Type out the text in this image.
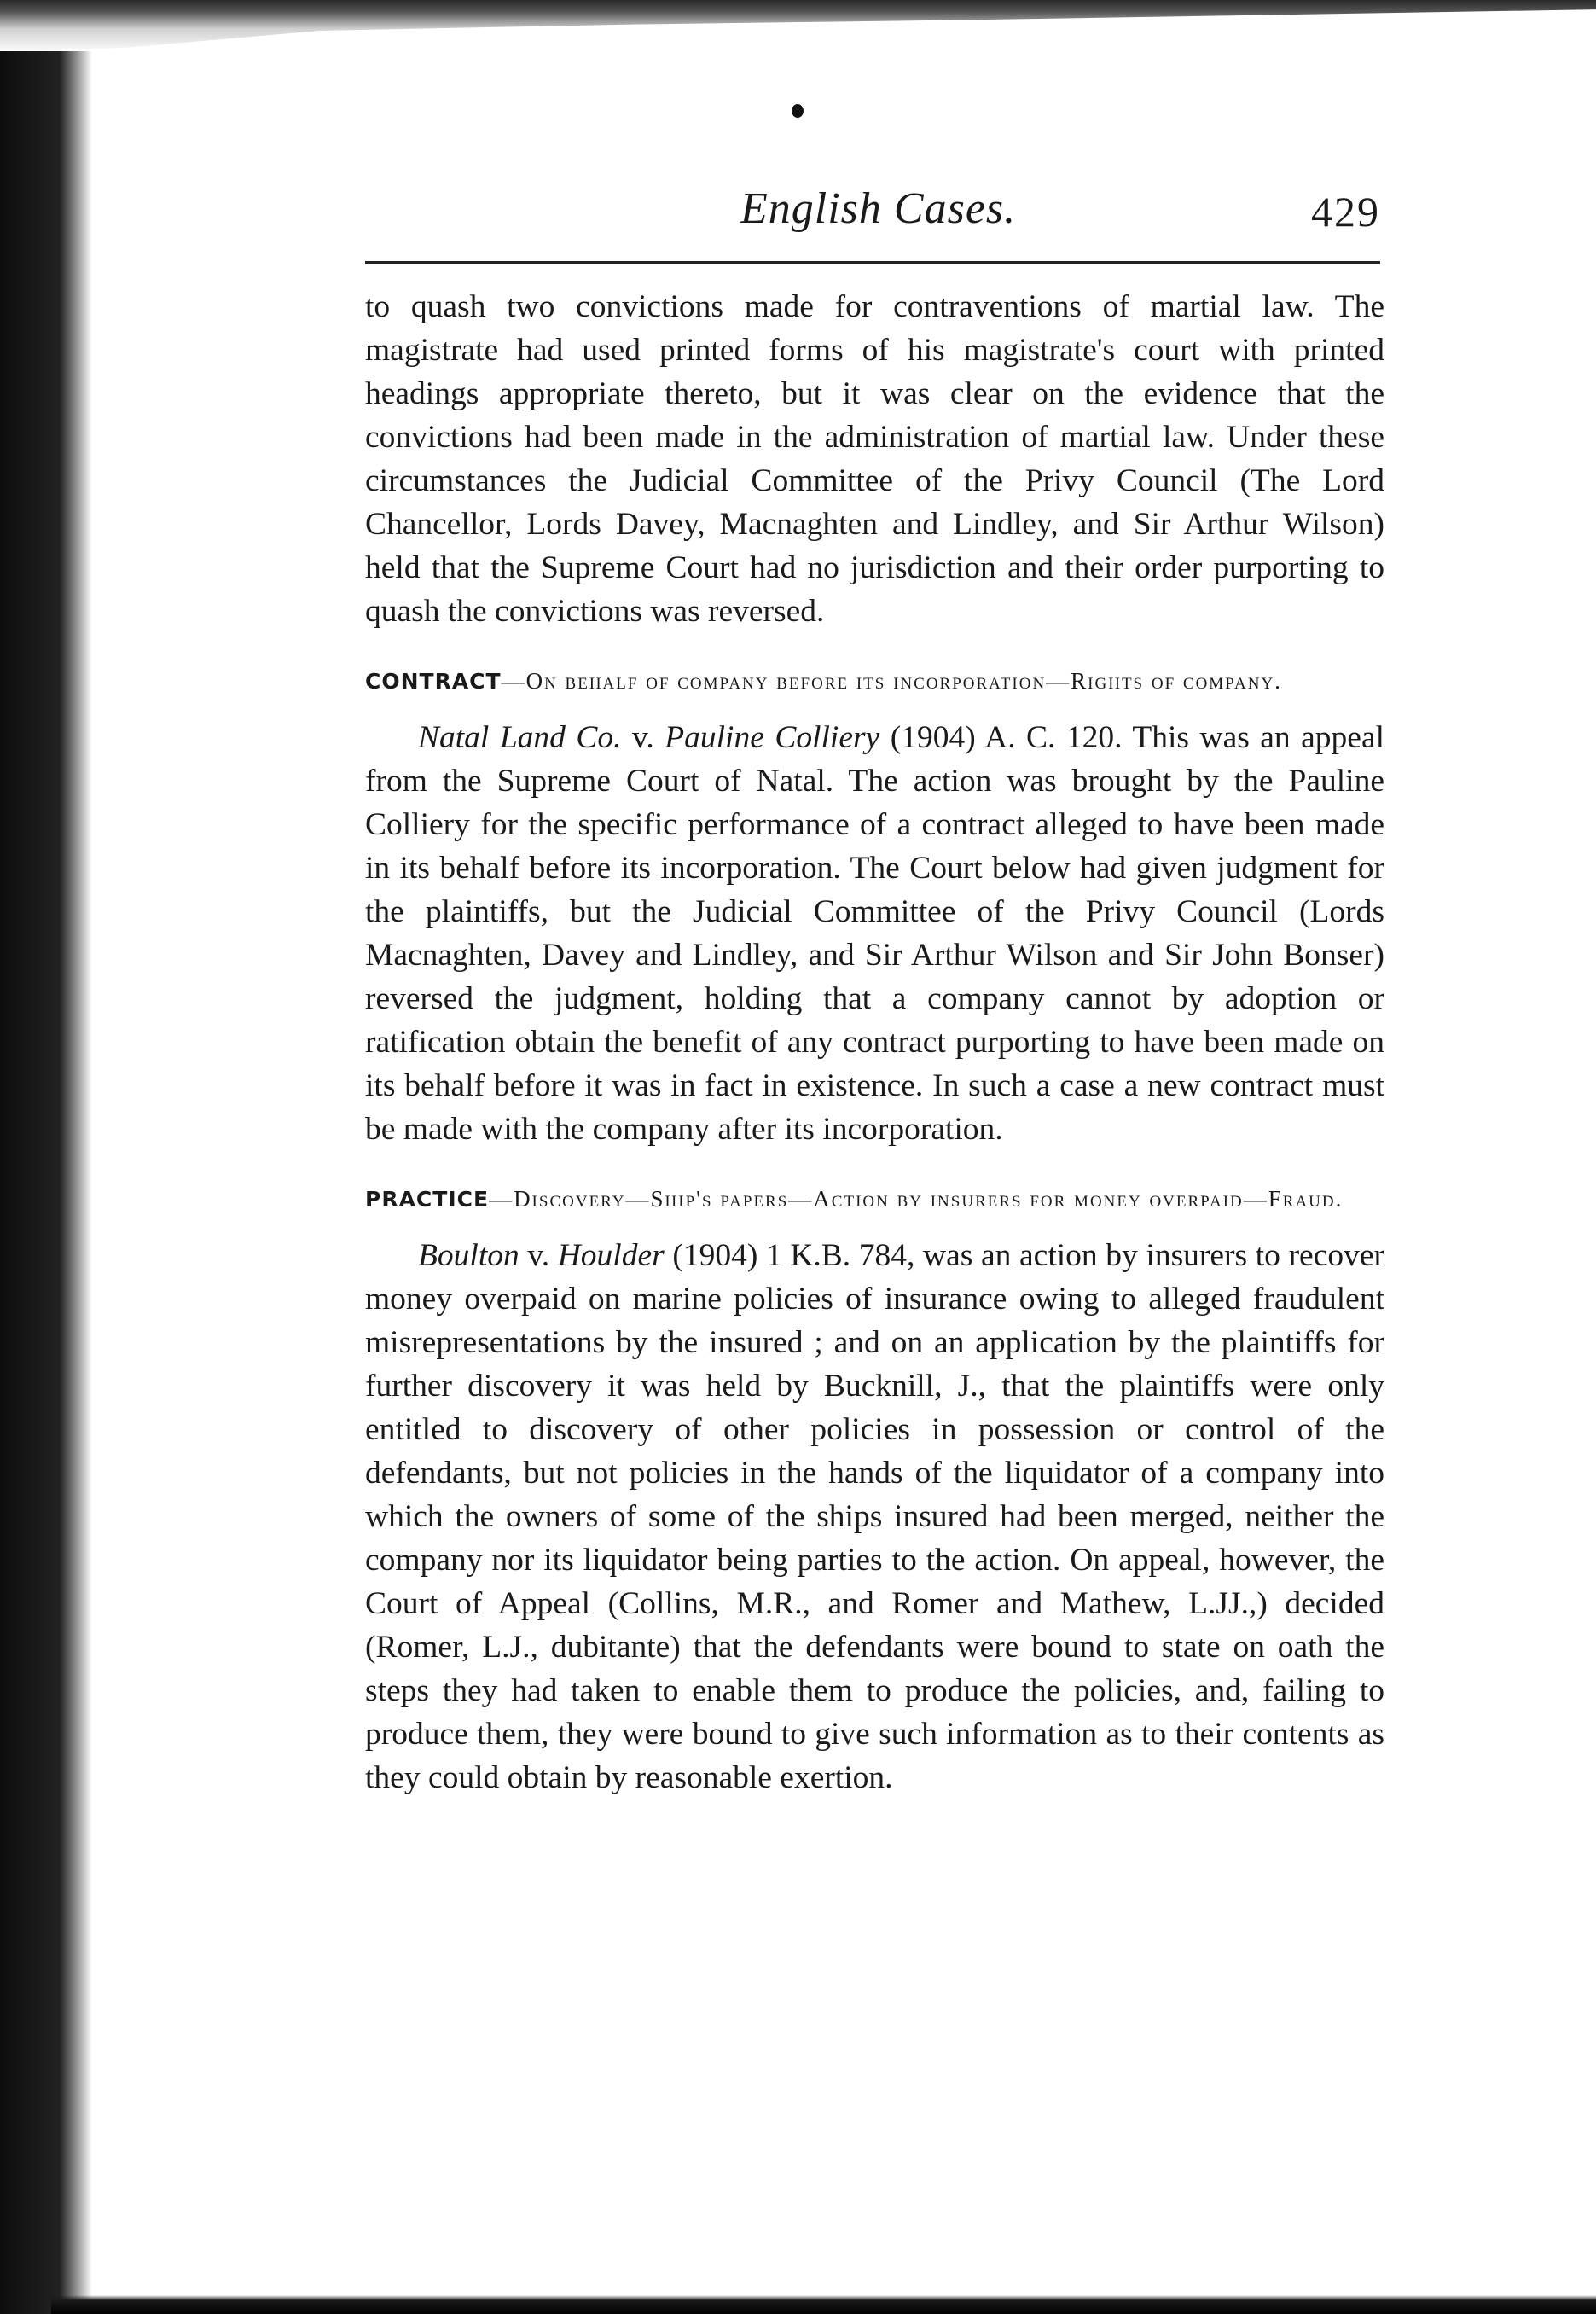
English Cases.	429

to quash two convictions made for contraventions of martial law. The magistrate had used printed forms of his magistrate's court with printed headings appropriate thereto, but it was clear on the evidence that the convictions had been made in the administration of martial law. Under these circumstances the Judicial Committee of the Privy Council (The Lord Chancellor, Lords Davey, Macnaghten and Lindley, and Sir Arthur Wilson) held that the Supreme Court had no jurisdiction and their order purporting to quash the convictions was reversed.

CONTRACT—On behalf of company before its incorporation—Rights of company.

Natal Land Co. v. Pauline Colliery (1904) A. C. 120. This was an appeal from the Supreme Court of Natal. The action was brought by the Pauline Colliery for the specific performance of a contract alleged to have been made in its behalf before its incorporation. The Court below had given judgment for the plaintiffs, but the Judicial Committee of the Privy Council (Lords Macnaghten, Davey and Lindley, and Sir Arthur Wilson and Sir John Bonser) reversed the judgment, holding that a company cannot by adoption or ratification obtain the benefit of any contract purporting to have been made on its behalf before it was in fact in existence. In such a case a new contract must be made with the company after its incorporation.

PRACTICE—Discovery—Ship's papers—Action by insurers for money overpaid—Fraud.

Boulton v. Houlder (1904) 1 K.B. 784, was an action by insurers to recover money overpaid on marine policies of insurance owing to alleged fraudulent misrepresentations by the insured ; and on an application by the plaintiffs for further discovery it was held by Bucknill, J., that the plaintiffs were only entitled to discovery of other policies in possession or control of the defendants, but not policies in the hands of the liquidator of a company into which the owners of some of the ships insured had been merged, neither the company nor its liquidator being parties to the action. On appeal, however, the Court of Appeal (Collins, M.R., and Romer and Mathew, L.JJ.,) decided (Romer, L.J., dubitante) that the defendants were bound to state on oath the steps they had taken to enable them to produce the policies, and, failing to produce them, they were bound to give such information as to their contents as they could obtain by reasonable exertion.
